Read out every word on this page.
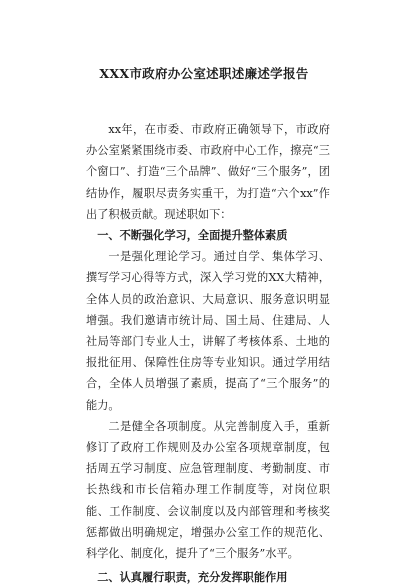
XXX市政府办公室述职述廉述学报告

xx年，在市委、市政府正确领导下，市政府办公室紧紧围绕市委、市政府中心工作，擦亮“三个窗口”、打造“三个品牌”、做好“三个服务”，团结协作，履职尽责务实重干，为打造“六个xx”作出了积极贡献。现述职如下：

一、不断强化学习，全面提升整体素质

一是强化理论学习。通过自学、集体学习、撰写学习心得等方式，深入学习党的XX大精神，全体人员的政治意识、大局意识、服务意识明显增强。我们邀请市统计局、国土局、住建局、人社局等部门专业人士，讲解了考核体系、土地的报批征用、保障性住房等专业知识。通过学用结合，全体人员增强了素质，提高了“三个服务”的能力。

二是健全各项制度。从完善制度入手，重新修订了政府工作规则及办公室各项规章制度，包括周五学习制度、应急管理制度、考勤制度、市长热线和市长信箱办理工作制度等，对岗位职能、工作制度、会议制度以及内部管理和考核奖惩都做出明确规定，增强办公室工作的规范化、科学化、制度化，提升了“三个服务”水平。

二、认真履行职责，充分发挥职能作用
